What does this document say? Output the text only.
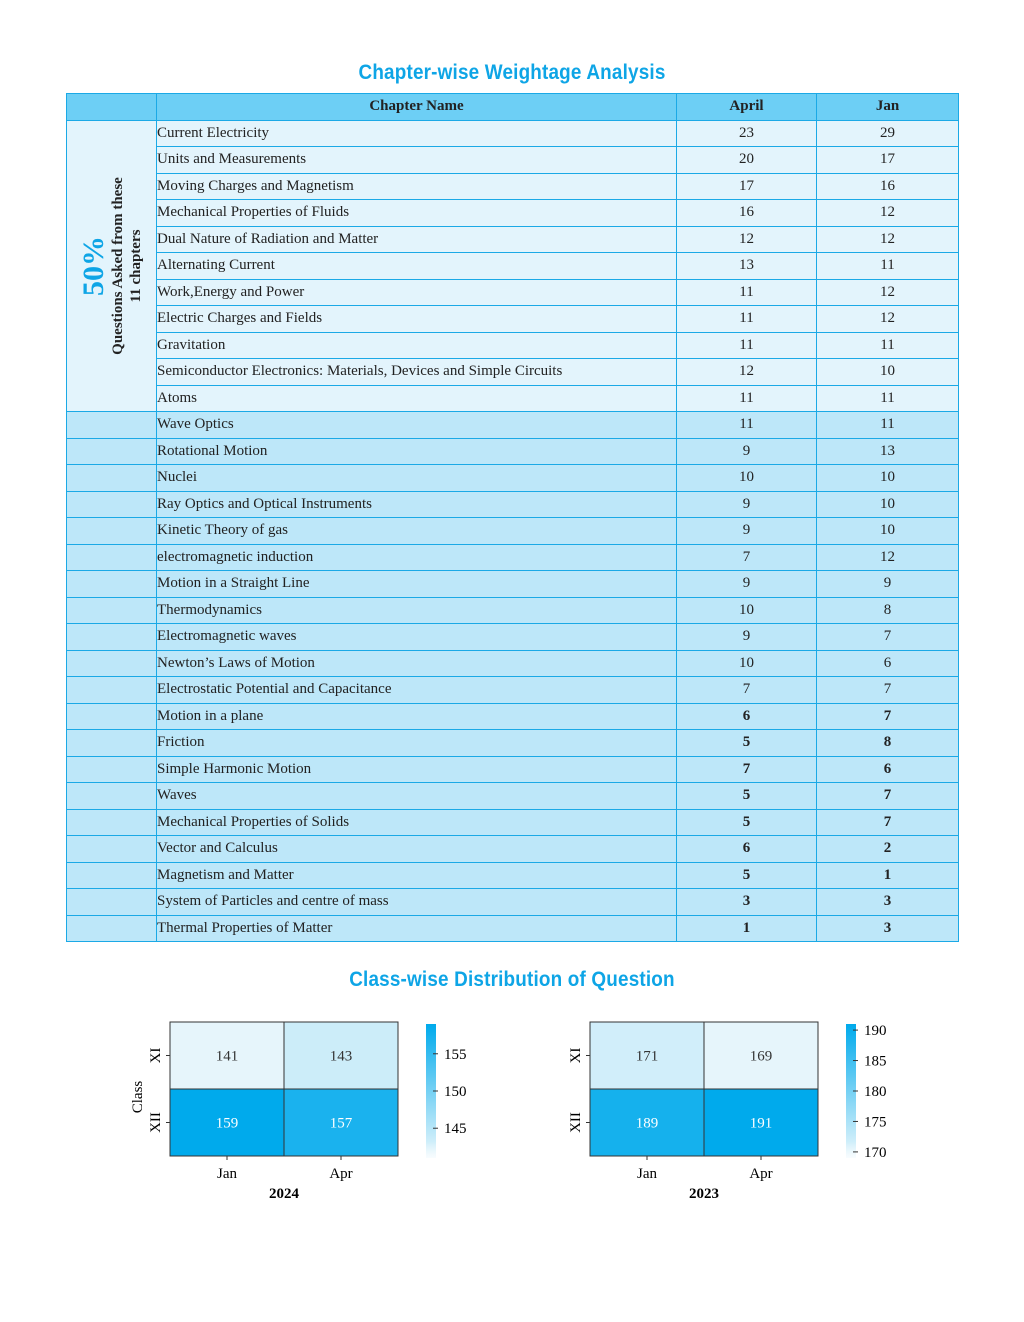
Chapter-wise Weightage Analysis
	Chapter Name	April	Jan

50% Questions Asked from these 11 chapters	Current Electricity	23	29
	Units and Measurements	20	17
	Moving Charges and Magnetism	17	16
	Mechanical Properties of Fluids	16	12
	Dual Nature of Radiation and Matter	12	12
	Alternating Current	13	11
	Work,Energy and Power	11	12
	Electric Charges and Fields	11	12
	Gravitation	11	11
	Semiconductor Electronics: Materials, Devices and Simple Circuits	12	10
	Atoms	11	11
	Wave Optics	11	11
	Rotational Motion	9	13
	Nuclei	10	10
	Ray Optics and Optical Instruments	9	10
	Kinetic Theory of gas	9	10
	electromagnetic induction	7	12
	Motion in a Straight Line	9	9
	Thermodynamics	10	8
	Electromagnetic waves	9	7
	Newton’s Laws of Motion	10	6
	Electrostatic Potential and Capacitance	7	7
	Motion in a plane	6	7
	Friction	5	8
	Simple Harmonic Motion	7	6
	Waves	5	7
	Mechanical Properties of Solids	5	7
	Vector and Calculus	6	2
	Magnetism and Matter	5	1
	System of Particles and centre of mass	3	3
	Thermal Properties of Matter	1	3
Class-wise Distribution of Question
141	143
159	157
XI
XII
Jan	Apr
2024
Class
145
150
155	171	169
189	191
XI
XII
Jan	Apr
2023
170
175
180
185
190
